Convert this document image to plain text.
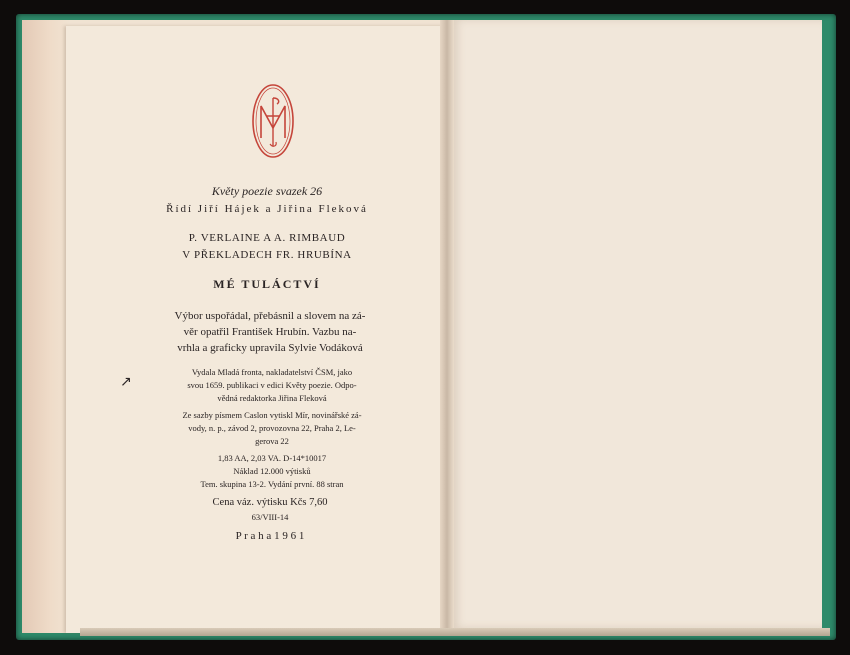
↗
Květy poezie svazek 26
Řídí Jiří Hájek a Jiřina Fleková
P. VERLAINE A A. RIMBAUD
V PŘEKLADECH FR. HRUBÍNA
MÉ TULÁCTVÍ
Výbor uspořádal, přebásnil a slovem na zá-
věr opatřil František Hrubín. Vazbu na-
vrhla a graficky upravila Sylvie Vodáková
Vydala Mladá fronta, nakladatelství ČSM, jako
svou 1659. publikaci v edici Květy poezie. Odpo-
vědná redaktorka Jiřina Fleková
Ze sazby písmem Caslon vytiskl Mír, novinářské zá-
vody, n. p., závod 2, provozovna 22, Praha 2, Le-
gerova 22
1,83 AA, 2,03 VA. D-14*10017
Náklad 12.000 výtisků
Tem. skupina 13-2. Vydání první. 88 stran
Cena váz. výtisku Kčs 7,60
63/VIII-14
P r a h a 1 9 6 1
